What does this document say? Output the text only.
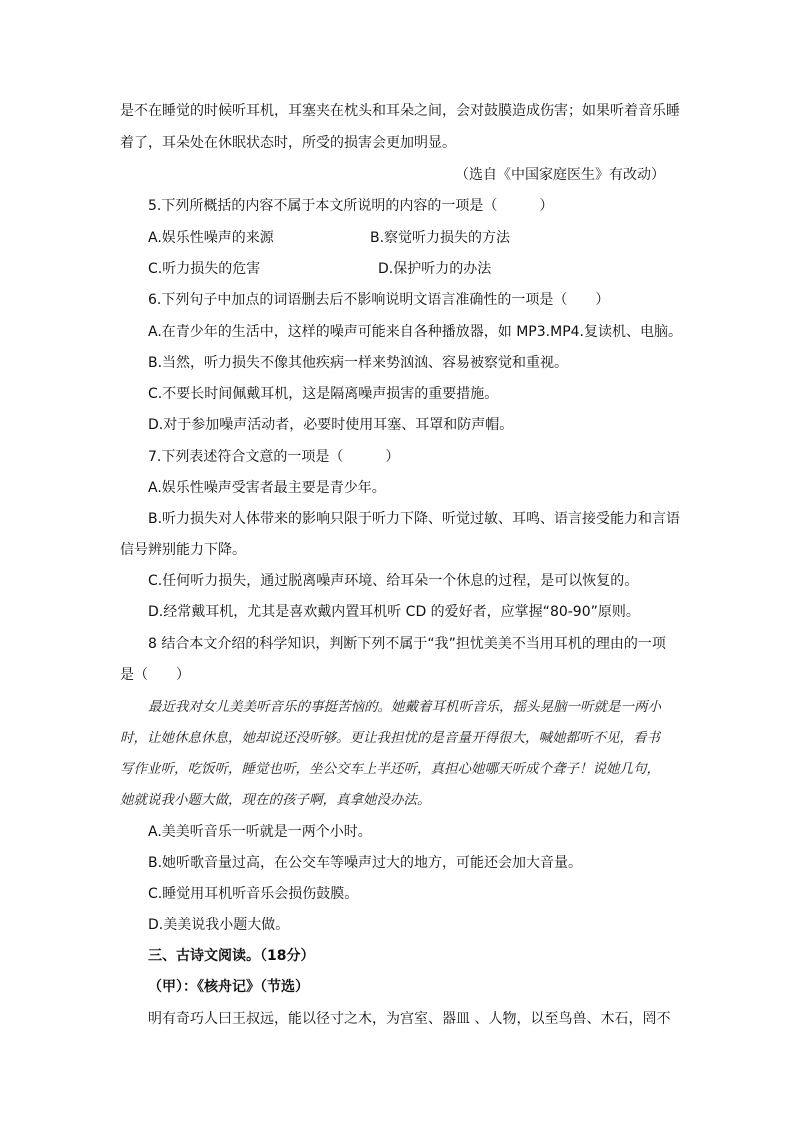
是不在睡觉的时候听耳机，耳塞夹在枕头和耳朵之间，会对鼓膜造成伤害；如果听着音乐睡
着了，耳朵处在休眠状态时，所受的损害会更加明显。
（选自《中国家庭医生》有改动）
5.下列所概括的内容不属于本文所说明的内容的一项是（　　　）
A.娱乐性噪声的来源	B.察觉听力损失的方法
C.听力损失的危害	D.保护听力的办法
6.下列句子中加点的词语删去后不影响说明文语言准确性的一项是（　　）
A.在青少年的生活中，这样的噪声可能来自各种播放器，如 MP3.MP4.复读机、电脑。
B.当然，听力损失不像其他疾病一样来势汹汹、容易被察觉和重视。
C.不要长时间佩戴耳机，这是隔离噪声损害的重要措施。
D.对于参加噪声活动者，必要时使用耳塞、耳罩和防声帽。
7.下列表述符合文意的一项是（　　　）
A.娱乐性噪声受害者最主要是青少年。
B.听力损失对人体带来的影响只限于听力下降、听觉过敏、耳鸣、语言接受能力和言语
信号辨别能力下降。
C.任何听力损失，通过脱离噪声环境、给耳朵一个休息的过程，是可以恢复的。
D.经常戴耳机，尤其是喜欢戴内置耳机听 CD 的爱好者，应掌握“80-90”原则。
8 结合本文介绍的科学知识，判断下列不属于“我”担忧美美不当用耳机的理由的一项
是（　　）
最近我对女儿美美听音乐的事挺苦恼的。她戴着耳机听音乐，摇头晃脑一听就是一两小
时，让她休息休息，她却说还没听够。更让我担忧的是音量开得很大，喊她都听不见，看书
写作业听，吃饭听，睡觉也听，坐公交车上半还听，真担心她哪天听成个聋子！说她几句，
她就说我小题大做，现在的孩子啊，真拿她没办法。
A.美美听音乐一听就是一两个小时。
B.她听歌音量过高，在公交车等噪声过大的地方，可能还会加大音量。
C.睡觉用耳机听音乐会损伤鼓膜。
D.美美说我小题大做。
三、古诗文阅读。（18分）
（甲）：《核舟记》（节选）
明有奇巧人曰王叔远，能以径寸之木，为宫室、器皿 、人物，以至鸟兽、木石，罔不
